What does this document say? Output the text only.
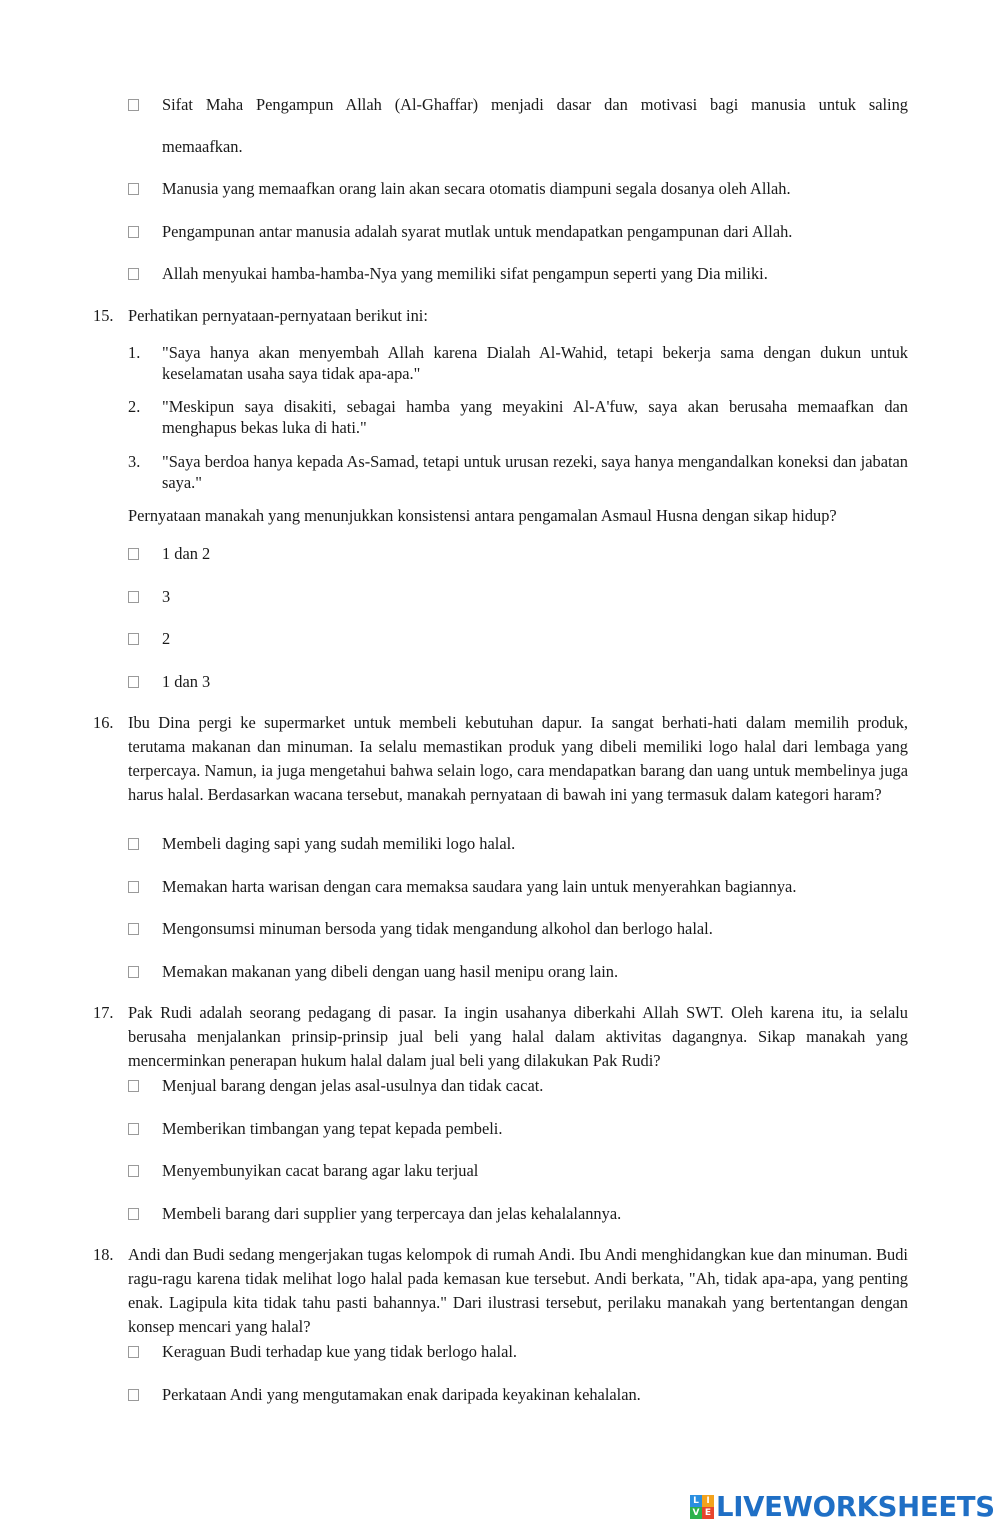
Sifat Maha Pengampun Allah (Al-Ghaffar) menjadi dasar dan motivasi bagi manusia untuk saling
memaafkan.
Manusia yang memaafkan orang lain akan secara otomatis diampuni segala dosanya oleh Allah.
Pengampunan antar manusia adalah syarat mutlak untuk mendapatkan pengampunan dari Allah.
Allah menyukai hamba-hamba-Nya yang memiliki sifat pengampun seperti yang Dia miliki.
15. Perhatikan pernyataan-pernyataan berikut ini:
1. "Saya hanya akan menyembah Allah karena Dialah Al-Wahid, tetapi bekerja sama dengan dukun untuk keselamatan usaha saya tidak apa-apa."
2. "Meskipun saya disakiti, sebagai hamba yang meyakini Al-A'fuw, saya akan berusaha memaafkan dan menghapus bekas luka di hati."
3. "Saya berdoa hanya kepada As-Samad, tetapi untuk urusan rezeki, saya hanya mengandalkan koneksi dan jabatan saya."
Pernyataan manakah yang menunjukkan konsistensi antara pengamalan Asmaul Husna dengan sikap hidup?
1 dan 2
3
2
1 dan 3
16. Ibu Dina pergi ke supermarket untuk membeli kebutuhan dapur. Ia sangat berhati-hati dalam memilih produk, terutama makanan dan minuman. Ia selalu memastikan produk yang dibeli memiliki logo halal dari lembaga yang terpercaya. Namun, ia juga mengetahui bahwa selain logo, cara mendapatkan barang dan uang untuk membelinya juga harus halal. Berdasarkan wacana tersebut, manakah pernyataan di bawah ini yang termasuk dalam kategori haram?
Membeli daging sapi yang sudah memiliki logo halal.
Memakan harta warisan dengan cara memaksa saudara yang lain untuk menyerahkan bagiannya.
Mengonsumsi minuman bersoda yang tidak mengandung alkohol dan berlogo halal.
Memakan makanan yang dibeli dengan uang hasil menipu orang lain.
17. Pak Rudi adalah seorang pedagang di pasar. Ia ingin usahanya diberkahi Allah SWT. Oleh karena itu, ia selalu berusaha menjalankan prinsip-prinsip jual beli yang halal dalam aktivitas dagangnya. Sikap manakah yang mencerminkan penerapan hukum halal dalam jual beli yang dilakukan Pak Rudi?
Menjual barang dengan jelas asal-usulnya dan tidak cacat.
Memberikan timbangan yang tepat kepada pembeli.
Menyembunyikan cacat barang agar laku terjual
Membeli barang dari supplier yang terpercaya dan jelas kehalalannya.
18. Andi dan Budi sedang mengerjakan tugas kelompok di rumah Andi. Ibu Andi menghidangkan kue dan minuman. Budi ragu-ragu karena tidak melihat logo halal pada kemasan kue tersebut. Andi berkata, "Ah, tidak apa-apa, yang penting enak. Lagipula kita tidak tahu pasti bahannya." Dari ilustrasi tersebut, perilaku manakah yang bertentangan dengan konsep mencari yang halal?
Keraguan Budi terhadap kue yang tidak berlogo halal.
Perkataan Andi yang mengutamakan enak daripada keyakinan kehalalan.
L I
V E LIVEWORKSHEETS
